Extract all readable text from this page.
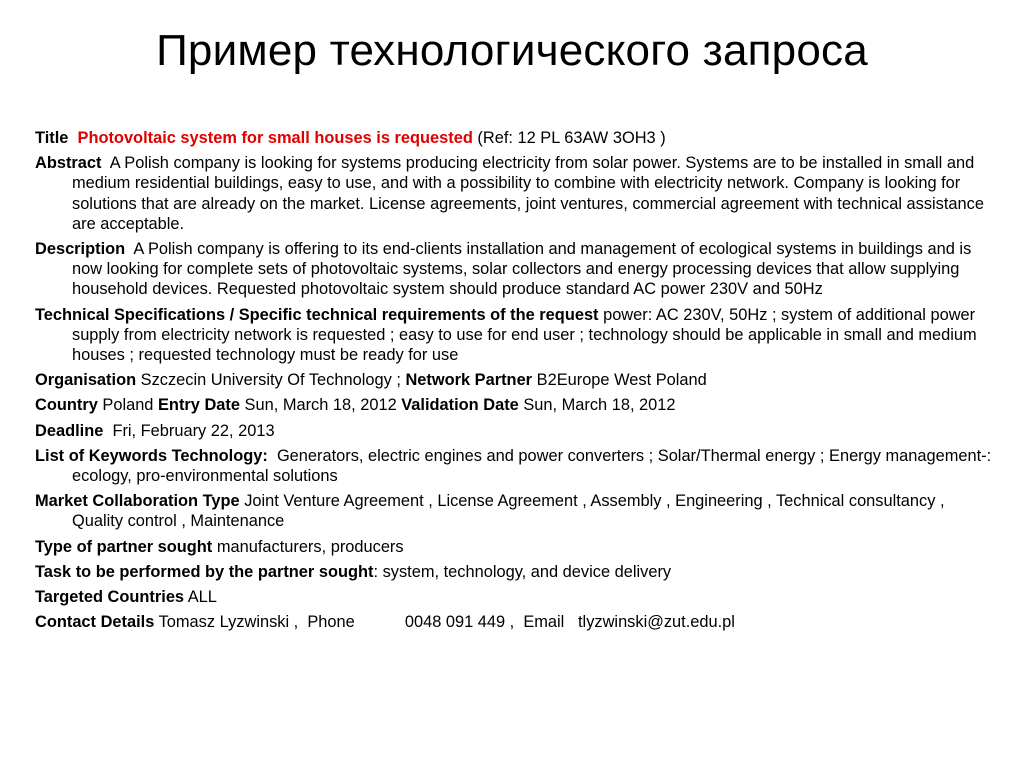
Пример технологического запроса
Title Photovoltaic system for small houses is requested (Ref: 12 PL 63AW 3OH3 )
Abstract A Polish company is looking for systems producing electricity from solar power. Systems are to be installed in small and medium residential buildings, easy to use, and with a possibility to combine with electricity network. Company is looking for solutions that are already on the market. License agreements, joint ventures, commercial agreement with technical assistance are acceptable.
Description A Polish company is offering to its end-clients installation and management of ecological systems in buildings and is now looking for complete sets of photovoltaic systems, solar collectors and energy processing devices that allow supplying household devices. Requested photovoltaic system should produce standard AC power 230V and 50Hz
Technical Specifications / Specific technical requirements of the request power: AC 230V, 50Hz ; system of additional power supply from electricity network is requested ; easy to use for end user ; technology should be applicable in small and medium houses ; requested technology must be ready for use
Organisation Szczecin University Of Technology ; Network Partner B2Europe West Poland
Country Poland Entry Date Sun, March 18, 2012 Validation Date Sun, March 18, 2012
Deadline Fri, February 22, 2013
List of Keywords Technology: Generators, electric engines and power converters ; Solar/Thermal energy ; Energy management-: ecology, pro-environmental solutions
Market Collaboration Type Joint Venture Agreement , License Agreement , Assembly , Engineering , Technical consultancy , Quality control , Maintenance
Type of partner sought manufacturers, producers
Task to be performed by the partner sought: system, technology, and device delivery
Targeted Countries ALL
Contact Details Tomasz Lyzwinski , Phone	0048 091 449 , Email tlyzwinski@zut.edu.pl
